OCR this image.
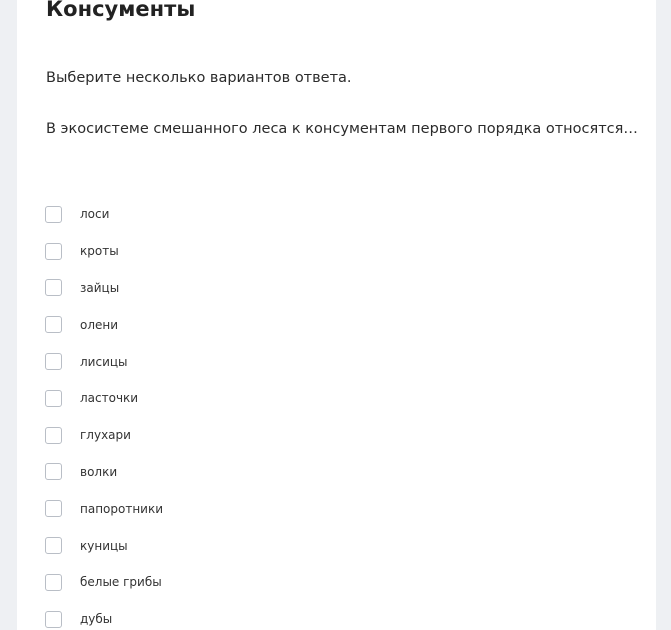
Консументы
Выберите несколько вариантов ответа.
В экосистеме смешанного леса к консументам первого порядка относятся…
лоси
кроты
зайцы
олени
лисицы
ласточки
глухари
волки
папоротники
куницы
белые грибы
дубы
